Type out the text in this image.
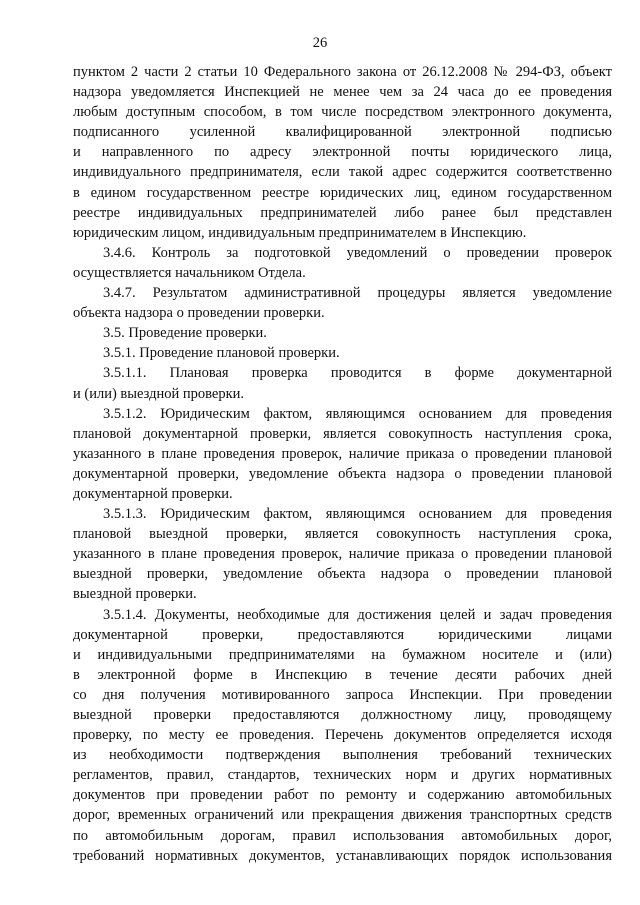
26
пунктом 2 части 2 статьи 10 Федерального закона от 26.12.2008 № 294-ФЗ, объект
надзора уведомляется Инспекцией не менее чем за 24 часа до ее проведения
любым доступным способом, в том числе посредством электронного документа,
подписанного усиленной квалифицированной электронной подписью
и направленного по адресу электронной почты юридического лица,
индивидуального предпринимателя, если такой адрес содержится соответственно
в едином государственном реестре юридических лиц, едином государственном
реестре индивидуальных предпринимателей либо ранее был представлен
юридическим лицом, индивидуальным предпринимателем в Инспекцию.
3.4.6. Контроль за подготовкой уведомлений о проведении проверок
осуществляется начальником Отдела.
3.4.7. Результатом административной процедуры является уведомление
объекта надзора о проведении проверки.
3.5. Проведение проверки.
3.5.1. Проведение плановой проверки.
3.5.1.1. Плановая проверка проводится в форме документарной
и (или) выездной проверки.
3.5.1.2. Юридическим фактом, являющимся основанием для проведения
плановой документарной проверки, является совокупность наступления срока,
указанного в плане проведения проверок, наличие приказа о проведении плановой
документарной проверки, уведомление объекта надзора о проведении плановой
документарной проверки.
3.5.1.3. Юридическим фактом, являющимся основанием для проведения
плановой выездной проверки, является совокупность наступления срока,
указанного в плане проведения проверок, наличие приказа о проведении плановой
выездной проверки, уведомление объекта надзора о проведении плановой
выездной проверки.
3.5.1.4. Документы, необходимые для достижения целей и задач проведения
документарной проверки, предоставляются юридическими лицами
и индивидуальными предпринимателями на бумажном носителе и (или)
в электронной форме в Инспекцию в течение десяти рабочих дней
со дня получения мотивированного запроса Инспекции. При проведении
выездной проверки предоставляются должностному лицу, проводящему
проверку, по месту ее проведения. Перечень документов определяется исходя
из необходимости подтверждения выполнения требований технических
регламентов, правил, стандартов, технических норм и других нормативных
документов при проведении работ по ремонту и содержанию автомобильных
дорог, временных ограничений или прекращения движения транспортных средств
по автомобильным дорогам, правил использования автомобильных дорог,
требований нормативных документов, устанавливающих порядок использования
